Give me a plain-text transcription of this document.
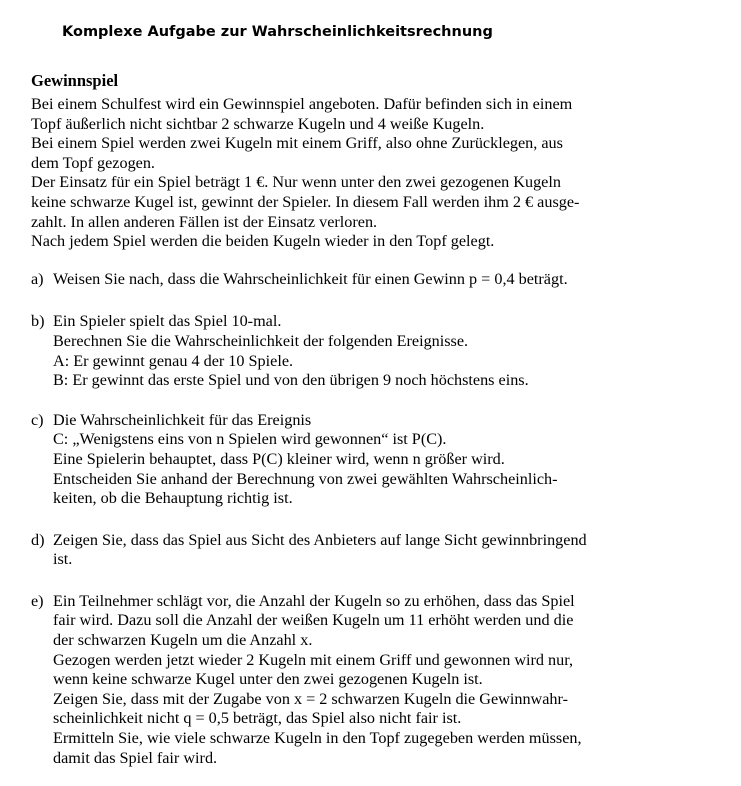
Komplexe Aufgabe zur Wahrscheinlichkeitsrechnung
Gewinnspiel
Bei einem Schulfest wird ein Gewinnspiel angeboten. Dafür befinden sich in einem
Topf äußerlich nicht sichtbar 2 schwarze Kugeln und 4 weiße Kugeln.
Bei einem Spiel werden zwei Kugeln mit einem Griff, also ohne Zurücklegen, aus
dem Topf gezogen.
Der Einsatz für ein Spiel beträgt 1 €. Nur wenn unter den zwei gezogenen Kugeln
keine schwarze Kugel ist, gewinnt der Spieler. In diesem Fall werden ihm 2 € ausge-
zahlt. In allen anderen Fällen ist der Einsatz verloren.
Nach jedem Spiel werden die beiden Kugeln wieder in den Topf gelegt.
a) Weisen Sie nach, dass die Wahrscheinlichkeit für einen Gewinn p = 0,4 beträgt.
b) Ein Spieler spielt das Spiel 10-mal.
Berechnen Sie die Wahrscheinlichkeit der folgenden Ereignisse.
A: Er gewinnt genau 4 der 10 Spiele.
B: Er gewinnt das erste Spiel und von den übrigen 9 noch höchstens eins.
c) Die Wahrscheinlichkeit für das Ereignis
C: „Wenigstens eins von n Spielen wird gewonnen“ ist P(C).
Eine Spielerin behauptet, dass P(C) kleiner wird, wenn n größer wird.
Entscheiden Sie anhand der Berechnung von zwei gewählten Wahrscheinlich-
keiten, ob die Behauptung richtig ist.
d) Zeigen Sie, dass das Spiel aus Sicht des Anbieters auf lange Sicht gewinnbringend
ist.
e) Ein Teilnehmer schlägt vor, die Anzahl der Kugeln so zu erhöhen, dass das Spiel
fair wird. Dazu soll die Anzahl der weißen Kugeln um 11 erhöht werden und die
der schwarzen Kugeln um die Anzahl x.
Gezogen werden jetzt wieder 2 Kugeln mit einem Griff und gewonnen wird nur,
wenn keine schwarze Kugel unter den zwei gezogenen Kugeln ist.
Zeigen Sie, dass mit der Zugabe von x = 2 schwarzen Kugeln die Gewinnwahr-
scheinlichkeit nicht q = 0,5 beträgt, das Spiel also nicht fair ist.
Ermitteln Sie, wie viele schwarze Kugeln in den Topf zugegeben werden müssen,
damit das Spiel fair wird.
